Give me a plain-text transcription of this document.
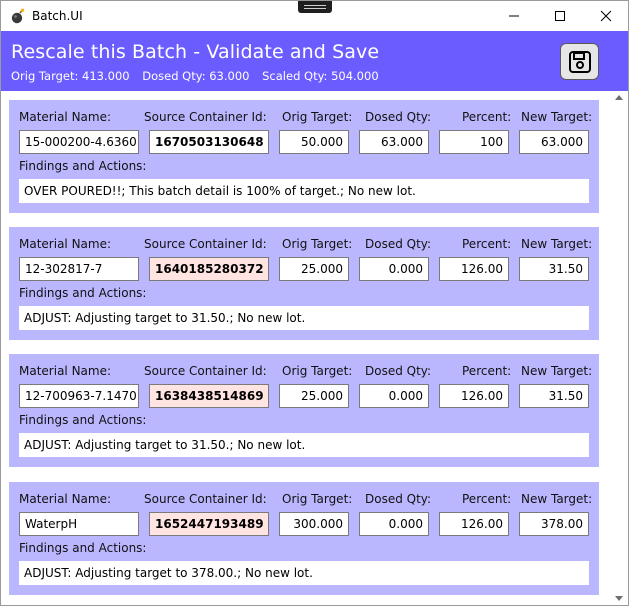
Batch.UI
Rescale this Batch - Validate and Save
Orig Target: 413.000 Dosed Qty: 63.000 Scaled Qty: 504.000
Material Name:	Source Container Id: Orig Target: Dosed Qty:	Percent: New Target:
15-000200-4.6360	1670503130648	50.000	63.000	100	63.000
Findings and Actions:
OVER POURED!!; This batch detail is 100% of target.; No new lot.
Material Name:	Source Container Id: Orig Target: Dosed Qty:	Percent: New Target:
12-302817-7	1640185280372	25.000	0.000	126.00	31.50
Findings and Actions:
ADJUST: Adjusting target to 31.50.; No new lot.
Material Name:	Source Container Id: Orig Target: Dosed Qty:	Percent: New Target:
12-700963-7.1470	1638438514869	25.000	0.000	126.00	31.50
Findings and Actions:
ADJUST: Adjusting target to 31.50.; No new lot.
Material Name:	Source Container Id: Orig Target: Dosed Qty:	Percent: New Target:
WaterpH	1652447193489	300.000	0.000	126.00	378.00
Findings and Actions:
ADJUST: Adjusting target to 378.00.; No new lot.
